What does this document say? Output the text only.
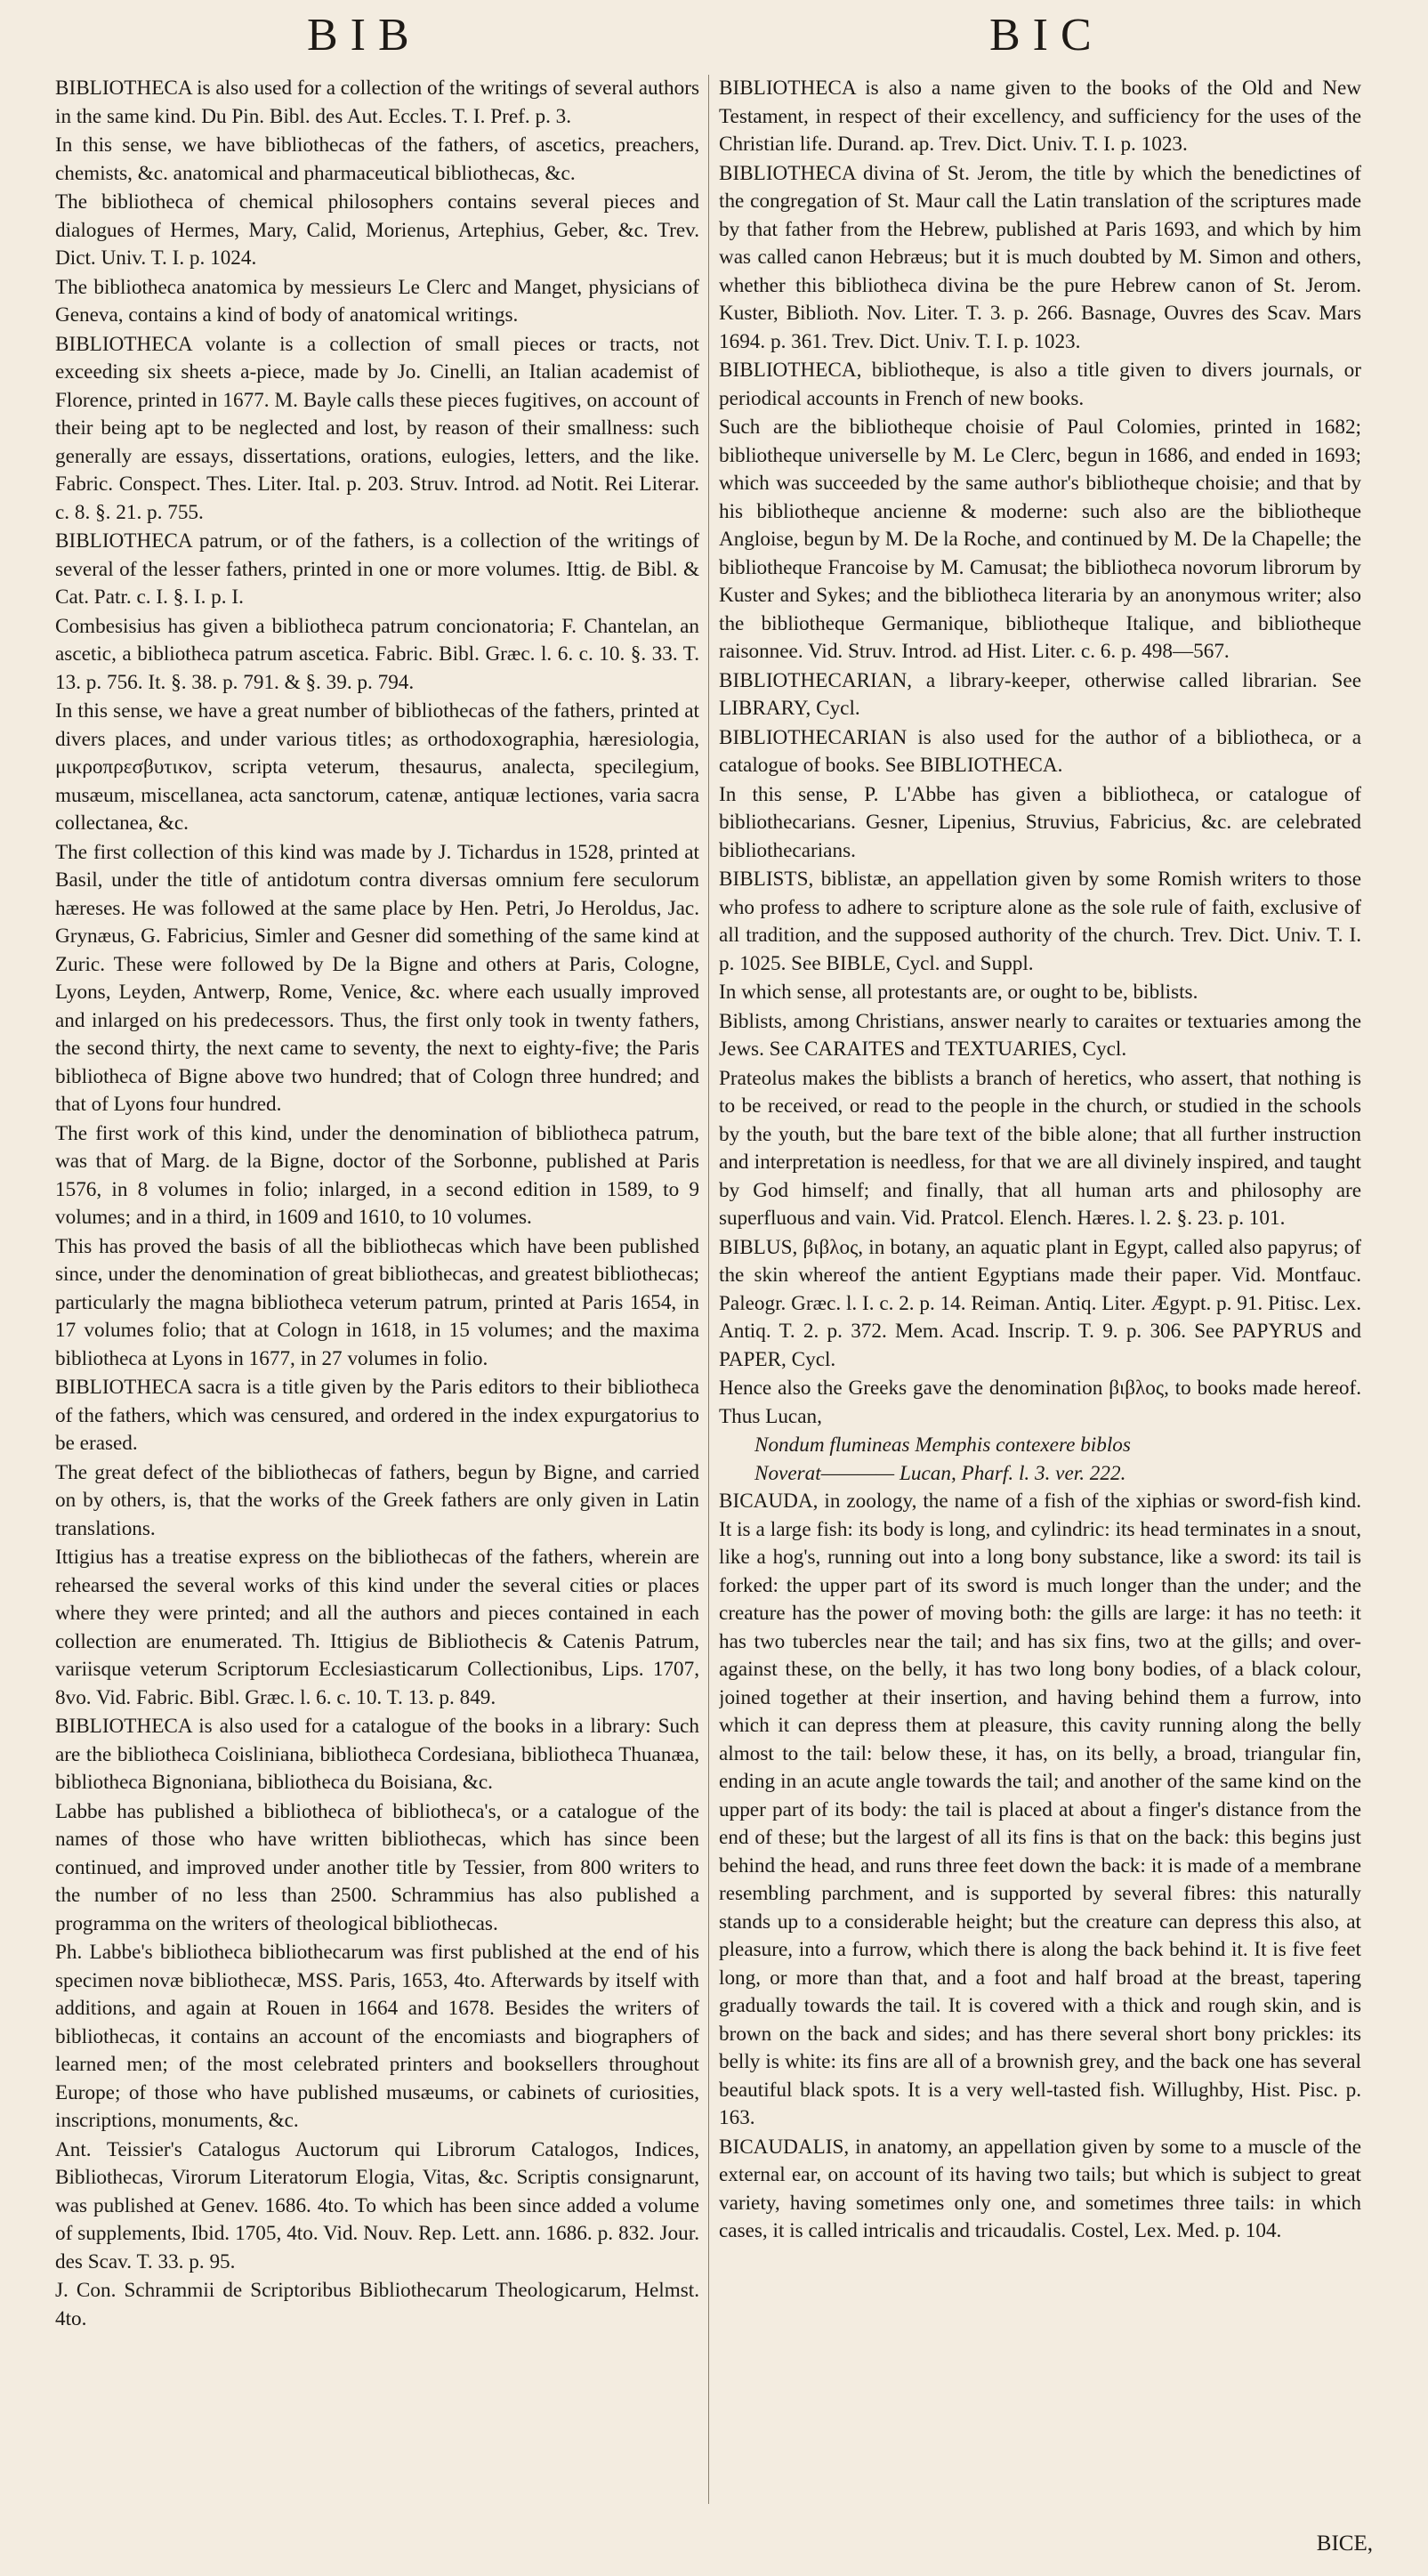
BIB	BIC

BIBLIOTHECA is also used for a collection of the writings of several authors in the same kind. Du Pin. Bibl. des Aut. Eccles. T. I. Pref. p. 3.

In this sense, we have bibliothecas of the fathers, of ascetics, preachers, chemists, &c. anatomical and pharmaceutical bibliothecas, &c.

The bibliotheca of chemical philosophers contains several pieces and dialogues of Hermes, Mary, Calid, Morienus, Artephius, Geber, &c. Trev. Dict. Univ. T. I. p. 1024.

The bibliotheca anatomica by messieurs Le Clerc and Manget, physicians of Geneva, contains a kind of body of anatomical writings.

BIBLIOTHECA volante is a collection of small pieces or tracts, not exceeding six sheets a-piece, made by Jo. Cinelli, an Italian academist of Florence, printed in 1677. M. Bayle calls these pieces fugitives, on account of their being apt to be neglected and lost, by reason of their smallness: such generally are essays, dissertations, orations, eulogies, letters, and the like. Fabric. Conspect. Thes. Liter. Ital. p. 203. Struv. Introd. ad Notit. Rei Literar. c. 8. §. 21. p. 755.

BIBLIOTHECA patrum, or of the fathers, is a collection of the writings of several of the lesser fathers, printed in one or more volumes. Ittig. de Bibl. & Cat. Patr. c. I. §. I. p. I.

Combesisius has given a bibliotheca patrum concionatoria; F. Chantelan, an ascetic, a bibliotheca patrum ascetica. Fabric. Bibl. Græc. l. 6. c. 10. §. 33. T. 13. p. 756. It. §. 38. p. 791. & §. 39. p. 794.

In this sense, we have a great number of bibliothecas of the fathers, printed at divers places, and under various titles; as orthodoxographia, hæresiologia, μικροπρεσβυτικον, scripta veterum, thesaurus, analecta, specilegium, musæum, miscellanea, acta sanctorum, catenæ, antiquæ lectiones, varia sacra collectanea, &c.

The first collection of this kind was made by J. Tichardus in 1528, printed at Basil, under the title of antidotum contra diversas omnium fere seculorum hæreses. He was followed at the same place by Hen. Petri, Jo Heroldus, Jac. Grynæus, G. Fabricius, Simler and Gesner did something of the same kind at Zuric. These were followed by De la Bigne and others at Paris, Cologne, Lyons, Leyden, Antwerp, Rome, Venice, &c. where each usually improved and inlarged on his predecessors. Thus, the first only took in twenty fathers, the second thirty, the next came to seventy, the next to eighty-five; the Paris bibliotheca of Bigne above two hundred; that of Cologn three hundred; and that of Lyons four hundred.

The first work of this kind, under the denomination of bibliotheca patrum, was that of Marg. de la Bigne, doctor of the Sorbonne, published at Paris 1576, in 8 volumes in folio; inlarged, in a second edition in 1589, to 9 volumes; and in a third, in 1609 and 1610, to 10 volumes.

This has proved the basis of all the bibliothecas which have been published since, under the denomination of great bibliothecas, and greatest bibliothecas; particularly the magna bibliotheca veterum patrum, printed at Paris 1654, in 17 volumes folio; that at Cologn in 1618, in 15 volumes; and the maxima bibliotheca at Lyons in 1677, in 27 volumes in folio.

BIBLIOTHECA sacra is a title given by the Paris editors to their bibliotheca of the fathers, which was censured, and ordered in the index expurgatorius to be erased.

The great defect of the bibliothecas of fathers, begun by Bigne, and carried on by others, is, that the works of the Greek fathers are only given in Latin translations.

Ittigius has a treatise express on the bibliothecas of the fathers, wherein are rehearsed the several works of this kind under the several cities or places where they were printed; and all the authors and pieces contained in each collection are enumerated. Th. Ittigius de Bibliothecis & Catenis Patrum, variisque veterum Scriptorum Ecclesiasticarum Collectionibus, Lips. 1707, 8vo. Vid. Fabric. Bibl. Græc. l. 6. c. 10. T. 13. p. 849.

BIBLIOTHECA is also used for a catalogue of the books in a library: Such are the bibliotheca Coisliniana, bibliotheca Cordesiana, bibliotheca Thuanæa, bibliotheca Bignoniana, bibliotheca du Boisiana, &c.

Labbe has published a bibliotheca of bibliotheca's, or a catalogue of the names of those who have written bibliothecas, which has since been continued, and improved under another title by Tessier, from 800 writers to the number of no less than 2500. Schrammius has also published a programma on the writers of theological bibliothecas.

Ph. Labbe's bibliotheca bibliothecarum was first published at the end of his specimen novæ bibliothecæ, MSS. Paris, 1653, 4to. Afterwards by itself with additions, and again at Rouen in 1664 and 1678. Besides the writers of bibliothecas, it contains an account of the encomiasts and biographers of learned men; of the most celebrated printers and booksellers throughout Europe; of those who have published musæums, or cabinets of curiosities, inscriptions, monuments, &c.

Ant. Teissier's Catalogus Auctorum qui Librorum Catalogos, Indices, Bibliothecas, Virorum Literatorum Elogia, Vitas, &c. Scriptis consignarunt, was published at Genev. 1686. 4to. To which has been since added a volume of supplements, Ibid. 1705, 4to. Vid. Nouv. Rep. Lett. ann. 1686. p. 832. Jour. des Scav. T. 33. p. 95.

J. Con. Schrammii de Scriptoribus Bibliothecarum Theologicarum, Helmst. 4to.

BIBLIOTHECA is also a name given to the books of the Old and New Testament, in respect of their excellency, and sufficiency for the uses of the Christian life. Durand. ap. Trev. Dict. Univ. T. I. p. 1023.

BIBLIOTHECA divina of St. Jerom, the title by which the benedictines of the congregation of St. Maur call the Latin translation of the scriptures made by that father from the Hebrew, published at Paris 1693, and which by him was called canon Hebræus; but it is much doubted by M. Simon and others, whether this bibliotheca divina be the pure Hebrew canon of St. Jerom. Kuster, Biblioth. Nov. Liter. T. 3. p. 266. Basnage, Ouvres des Scav. Mars 1694. p. 361. Trev. Dict. Univ. T. I. p. 1023.

BIBLIOTHECA, bibliotheque, is also a title given to divers journals, or periodical accounts in French of new books.

Such are the bibliotheque choisie of Paul Colomies, printed in 1682; bibliotheque universelle by M. Le Clerc, begun in 1686, and ended in 1693; which was succeeded by the same author's bibliotheque choisie; and that by his bibliotheque ancienne & moderne: such also are the bibliotheque Angloise, begun by M. De la Roche, and continued by M. De la Chapelle; the bibliotheque Francoise by M. Camusat; the bibliotheca novorum librorum by Kuster and Sykes; and the bibliotheca literaria by an anonymous writer; also the bibliotheque Germanique, bibliotheque Italique, and bibliotheque raisonnee. Vid. Struv. Introd. ad Hist. Liter. c. 6. p. 498—567.

BIBLIOTHECARIAN, a library-keeper, otherwise called librarian. See LIBRARY, Cycl.

BIBLIOTHECARIAN is also used for the author of a bibliotheca, or a catalogue of books. See BIBLIOTHECA.

In this sense, P. L'Abbe has given a bibliotheca, or catalogue of bibliothecarians. Gesner, Lipenius, Struvius, Fabricius, &c. are celebrated bibliothecarians.

BIBLISTS, biblistæ, an appellation given by some Romish writers to those who profess to adhere to scripture alone as the sole rule of faith, exclusive of all tradition, and the supposed authority of the church. Trev. Dict. Univ. T. I. p. 1025. See BIBLE, Cycl. and Suppl.

In which sense, all protestants are, or ought to be, biblists.

Biblists, among Christians, answer nearly to caraites or textuaries among the Jews. See CARAITES and TEXTUARIES, Cycl.

Prateolus makes the biblists a branch of heretics, who assert, that nothing is to be received, or read to the people in the church, or studied in the schools by the youth, but the bare text of the bible alone; that all further instruction and interpretation is needless, for that we are all divinely inspired, and taught by God himself; and finally, that all human arts and philosophy are superfluous and vain. Vid. Pratcol. Elench. Hæres. l. 2. §. 23. p. 101.

BIBLUS, βιβλος, in botany, an aquatic plant in Egypt, called also papyrus; of the skin whereof the antient Egyptians made their paper. Vid. Montfauc. Paleogr. Græc. l. I. c. 2. p. 14. Reiman. Antiq. Liter. Ægypt. p. 91. Pitisc. Lex. Antiq. T. 2. p. 372. Mem. Acad. Inscrip. T. 9. p. 306. See PAPYRUS and PAPER, Cycl.

Hence also the Greeks gave the denomination βιβλος, to books made hereof. Thus Lucan,

Nondum flumineas Memphis contexere biblos

Noverat———— Lucan, Pharf. l. 3. ver. 222.

BICAUDA, in zoology, the name of a fish of the xiphias or sword-fish kind. It is a large fish: its body is long, and cylindric: its head terminates in a snout, like a hog's, running out into a long bony substance, like a sword: its tail is forked: the upper part of its sword is much longer than the under; and the creature has the power of moving both: the gills are large: it has no teeth: it has two tubercles near the tail; and has six fins, two at the gills; and over-against these, on the belly, it has two long bony bodies, of a black colour, joined together at their insertion, and having behind them a furrow, into which it can depress them at pleasure, this cavity running along the belly almost to the tail: below these, it has, on its belly, a broad, triangular fin, ending in an acute angle towards the tail; and another of the same kind on the upper part of its body: the tail is placed at about a finger's distance from the end of these; but the largest of all its fins is that on the back: this begins just behind the head, and runs three feet down the back: it is made of a membrane resembling parchment, and is supported by several fibres: this naturally stands up to a considerable height; but the creature can depress this also, at pleasure, into a furrow, which there is along the back behind it. It is five feet long, or more than that, and a foot and half broad at the breast, tapering gradually towards the tail. It is covered with a thick and rough skin, and is brown on the back and sides; and has there several short bony prickles: its belly is white: its fins are all of a brownish grey, and the back one has several beautiful black spots. It is a very well-tasted fish. Willughby, Hist. Pisc. p. 163.

BICAUDALIS, in anatomy, an appellation given by some to a muscle of the external ear, on account of its having two tails; but which is subject to great variety, having sometimes only one, and sometimes three tails: in which cases, it is called intricalis and tricaudalis. Costel, Lex. Med. p. 104.

BICE,
